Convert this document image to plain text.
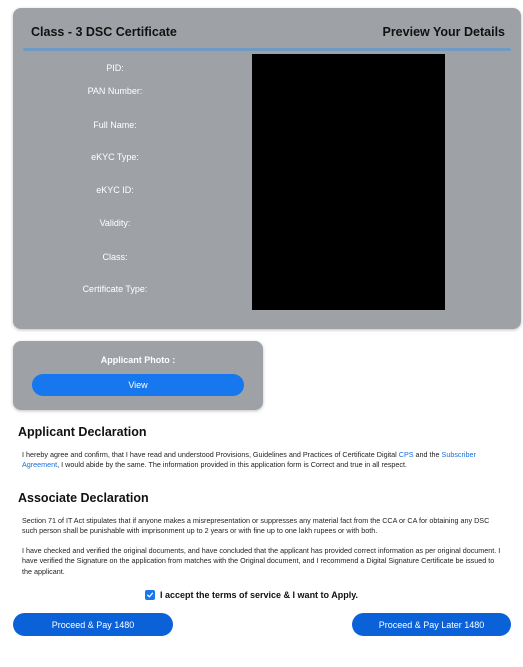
Class - 3 DSC Certificate	Preview Your Details
PID:
PAN Number:
Full Name:
eKYC Type:
eKYC ID:
Validity:
Class:
Certificate Type:
Applicant Photo :
View
Applicant Declaration
I hereby agree and confirm, that I have read and understood Provisions, Guidelines and Practices of Certificate Digital CPS and the Subscriber Agreement, I would abide by the same. The information provided in this application form is Correct and true in all respect.
Associate Declaration
Section 71 of IT Act stipulates that if anyone makes a misrepresentation or suppresses any material fact from the CCA or CA for obtaining any DSC such person shall be punishable with imprisonment up to 2 years or with fine up to one lakh rupees or with both.
I have checked and verified the original documents, and have concluded that the applicant has provided correct information as per original document. I have verified the Signature on the application from matches with the Original document, and I recommend a Digital Signature Certificate be issued to the applicant.
I accept the terms of service & I want to Apply.
Proceed & Pay 1480	Proceed & Pay Later 1480
